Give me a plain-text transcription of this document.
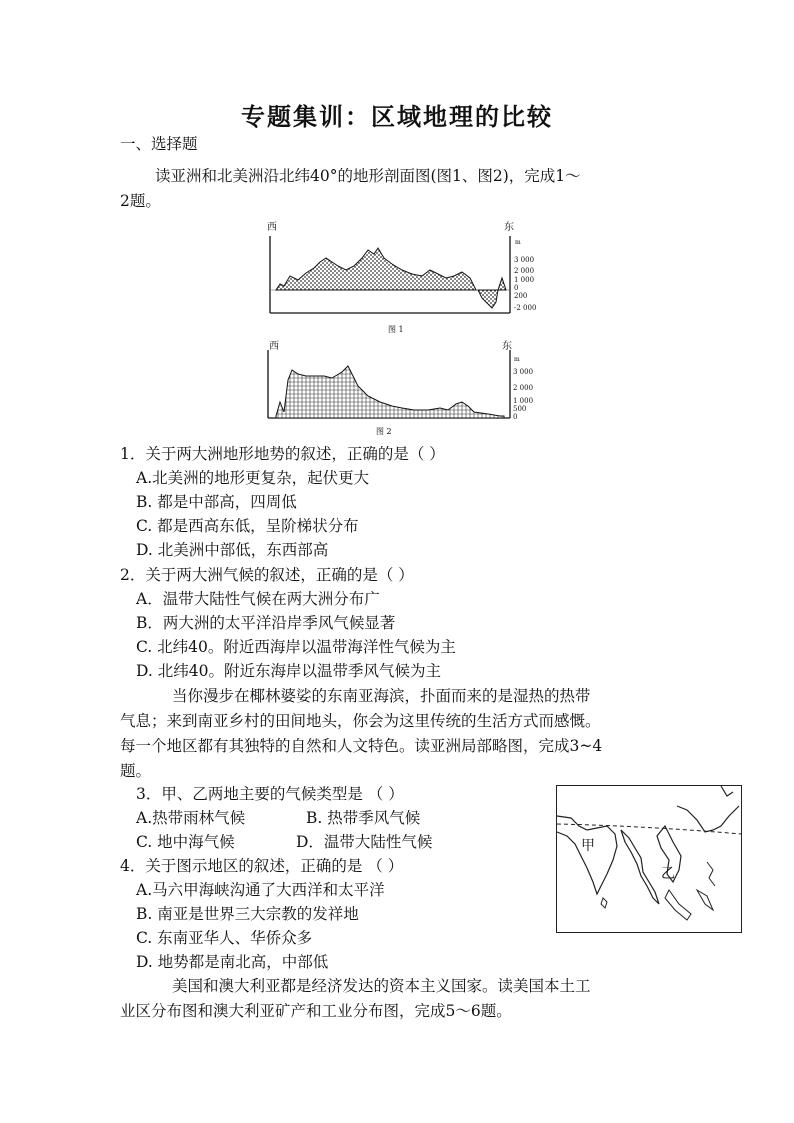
专题集训：区域地理的比较
一、选择题
读亚洲和北美洲沿北纬40°的地形剖面图(图1、图2)，完成1～
2题。
西	东
m
3 000
2 000
1 000
0
200
-2 000
图 1
西	东
m
3 000
2 000
1 000
500
0
图 2
1．关于两大洲地形地势的叙述，正确的是（ ）
A.北美洲的地形更复杂，起伏更大
B. 都是中部高，四周低
C. 都是西高东低，呈阶梯状分布
D. 北美洲中部低，东西部高
2．关于两大洲气候的叙述，正确的是（ ）
A．温带大陆性气候在两大洲分布广
B．两大洲的太平洋沿岸季风气候显著
C. 北纬40。附近西海岸以温带海洋性气候为主
D. 北纬40。附近东海岸以温带季风气候为主
当你漫步在椰林婆娑的东南亚海滨，扑面而来的是湿热的热带
气息；来到南亚乡村的田间地头，你会为这里传统的生活方式而感慨。
每一个地区都有其独特的自然和人文特色。读亚洲局部略图，完成3~4
题。
3．甲、乙两地主要的气候类型是 （ ）
A.热带雨林气候	B. 热带季风气候
C. 地中海气候	D．温带大陆性气候
4．关于图示地区的叙述，正确的是 （ ）
A.马六甲海峡沟通了大西洋和太平洋
B. 南亚是世界三大宗教的发祥地
C. 东南亚华人、华侨众多
D. 地势都是南北高，中部低
甲
乙
美国和澳大利亚都是经济发达的资本主义国家。读美国本土工
业区分布图和澳大利亚矿产和工业分布图，完成5～6题。
